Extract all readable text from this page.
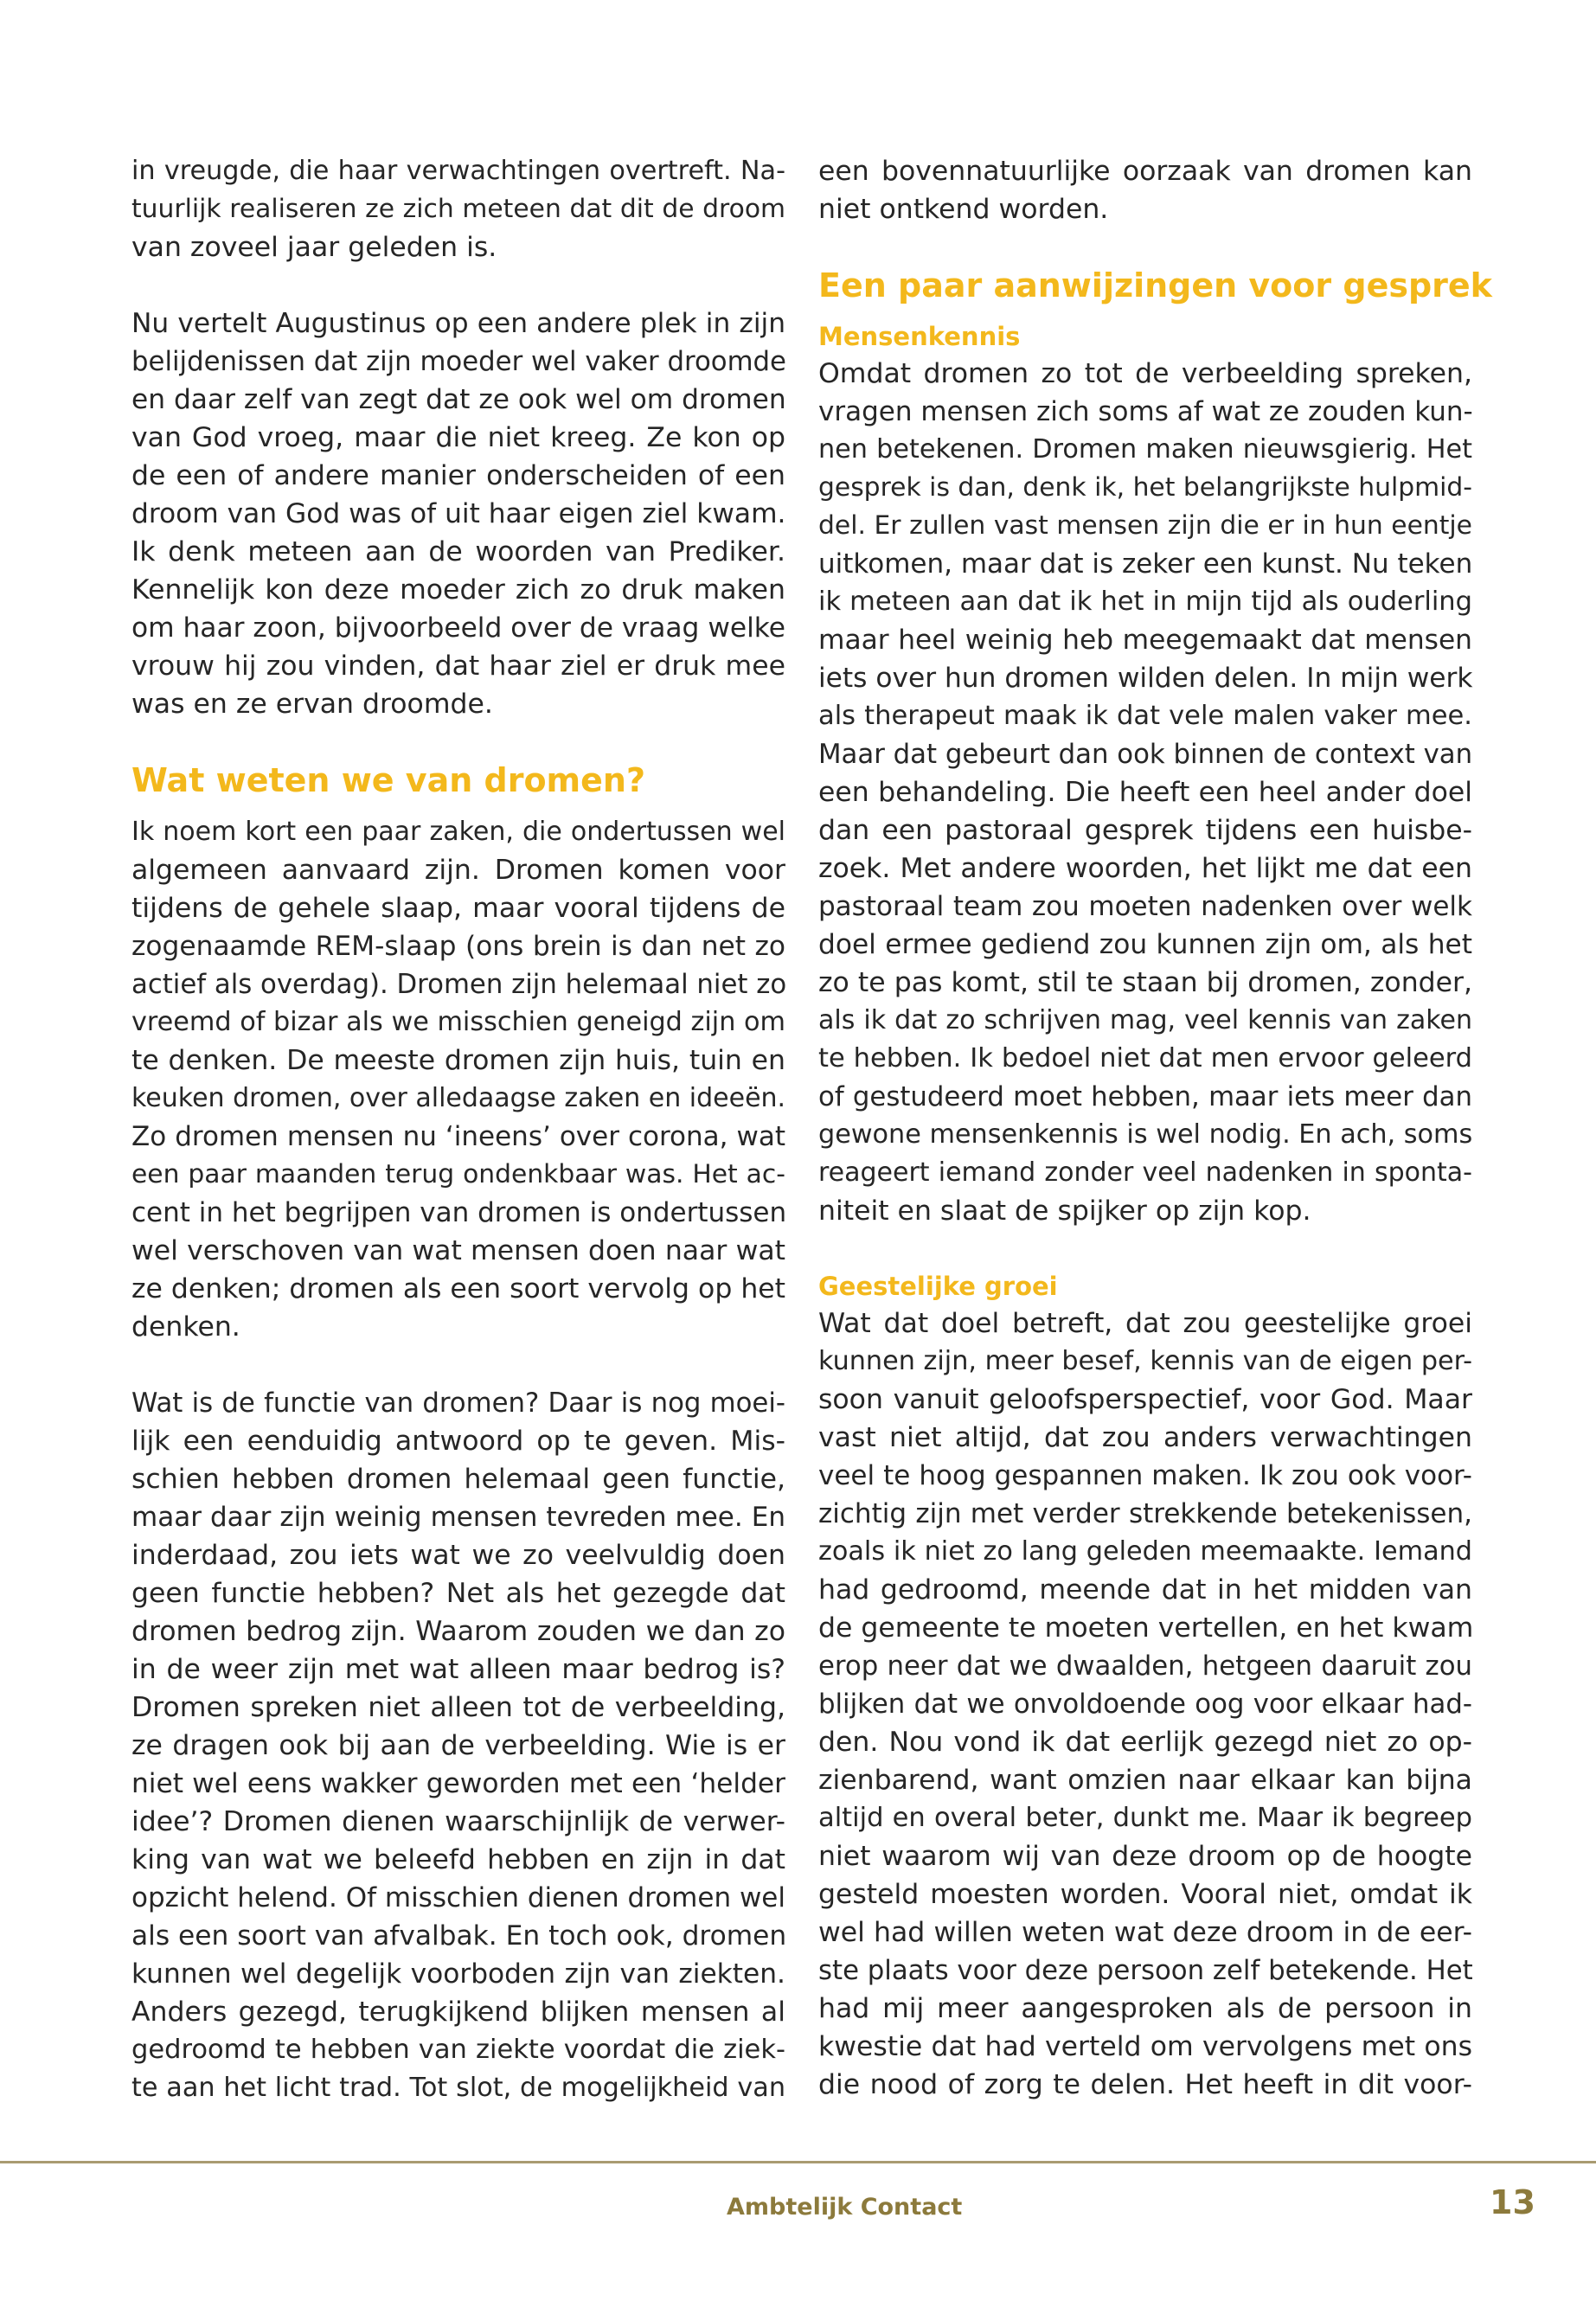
in vreugde, die haar verwachtingen overtreft. Na-
tuurlijk realiseren ze zich meteen dat dit de droom
van zoveel jaar geleden is.
Nu vertelt Augustinus op een andere plek in zijn
belijdenissen dat zijn moeder wel vaker droomde
en daar zelf van zegt dat ze ook wel om dromen
van God vroeg, maar die niet kreeg. Ze kon op
de een of andere manier onderscheiden of een
droom van God was of uit haar eigen ziel kwam.
Ik denk meteen aan de woorden van Prediker.
Kennelijk kon deze moeder zich zo druk maken
om haar zoon, bijvoorbeeld over de vraag welke
vrouw hij zou vinden, dat haar ziel er druk mee
was en ze ervan droomde.
Wat weten we van dromen?
Ik noem kort een paar zaken, die ondertussen wel
algemeen aanvaard zijn. Dromen komen voor
tijdens de gehele slaap, maar vooral tijdens de
zogenaamde REM-slaap (ons brein is dan net zo
actief als overdag). Dromen zijn helemaal niet zo
vreemd of bizar als we misschien geneigd zijn om
te denken. De meeste dromen zijn huis, tuin en
keuken dromen, over alledaagse zaken en ideeën.
Zo dromen mensen nu ‘ineens’ over corona, wat
een paar maanden terug ondenkbaar was. Het ac-
cent in het begrijpen van dromen is ondertussen
wel verschoven van wat mensen doen naar wat
ze denken; dromen als een soort vervolg op het
denken.
Wat is de functie van dromen? Daar is nog moei-
lijk een eenduidig antwoord op te geven. Mis-
schien hebben dromen helemaal geen functie,
maar daar zijn weinig mensen tevreden mee. En
inderdaad, zou iets wat we zo veelvuldig doen
geen functie hebben? Net als het gezegde dat
dromen bedrog zijn. Waarom zouden we dan zo
in de weer zijn met wat alleen maar bedrog is?
Dromen spreken niet alleen tot de verbeelding,
ze dragen ook bij aan de verbeelding. Wie is er
niet wel eens wakker geworden met een ‘helder
idee’? Dromen dienen waarschijnlijk de verwer-
king van wat we beleefd hebben en zijn in dat
opzicht helend. Of misschien dienen dromen wel
als een soort van afvalbak. En toch ook, dromen
kunnen wel degelijk voorboden zijn van ziekten.
Anders gezegd, terugkijkend blijken mensen al
gedroomd te hebben van ziekte voordat die ziek-
te aan het licht trad. Tot slot, de mogelijkheid van
een bovennatuurlijke oorzaak van dromen kan
niet ontkend worden.
Een paar aanwijzingen voor gesprek
Mensenkennis
Omdat dromen zo tot de verbeelding spreken,
vragen mensen zich soms af wat ze zouden kun-
nen betekenen. Dromen maken nieuwsgierig. Het
gesprek is dan, denk ik, het belangrijkste hulpmid-
del. Er zullen vast mensen zijn die er in hun eentje
uitkomen, maar dat is zeker een kunst. Nu teken
ik meteen aan dat ik het in mijn tijd als ouderling
maar heel weinig heb meegemaakt dat mensen
iets over hun dromen wilden delen. In mijn werk
als therapeut maak ik dat vele malen vaker mee.
Maar dat gebeurt dan ook binnen de context van
een behandeling. Die heeft een heel ander doel
dan een pastoraal gesprek tijdens een huisbe-
zoek. Met andere woorden, het lijkt me dat een
pastoraal team zou moeten nadenken over welk
doel ermee gediend zou kunnen zijn om, als het
zo te pas komt, stil te staan bij dromen, zonder,
als ik dat zo schrijven mag, veel kennis van zaken
te hebben. Ik bedoel niet dat men ervoor geleerd
of gestudeerd moet hebben, maar iets meer dan
gewone mensenkennis is wel nodig. En ach, soms
reageert iemand zonder veel nadenken in sponta-
niteit en slaat de spijker op zijn kop.
Geestelijke groei
Wat dat doel betreft, dat zou geestelijke groei
kunnen zijn, meer besef, kennis van de eigen per-
soon vanuit geloofsperspectief, voor God. Maar
vast niet altijd, dat zou anders verwachtingen
veel te hoog gespannen maken. Ik zou ook voor-
zichtig zijn met verder strekkende betekenissen,
zoals ik niet zo lang geleden meemaakte. Iemand
had gedroomd, meende dat in het midden van
de gemeente te moeten vertellen, en het kwam
erop neer dat we dwaalden, hetgeen daaruit zou
blijken dat we onvoldoende oog voor elkaar had-
den. Nou vond ik dat eerlijk gezegd niet zo op-
zienbarend, want omzien naar elkaar kan bijna
altijd en overal beter, dunkt me. Maar ik begreep
niet waarom wij van deze droom op de hoogte
gesteld moesten worden. Vooral niet, omdat ik
wel had willen weten wat deze droom in de eer-
ste plaats voor deze persoon zelf betekende. Het
had mij meer aangesproken als de persoon in
kwestie dat had verteld om vervolgens met ons
die nood of zorg te delen. Het heeft in dit voor-
Ambtelijk Contact	13
